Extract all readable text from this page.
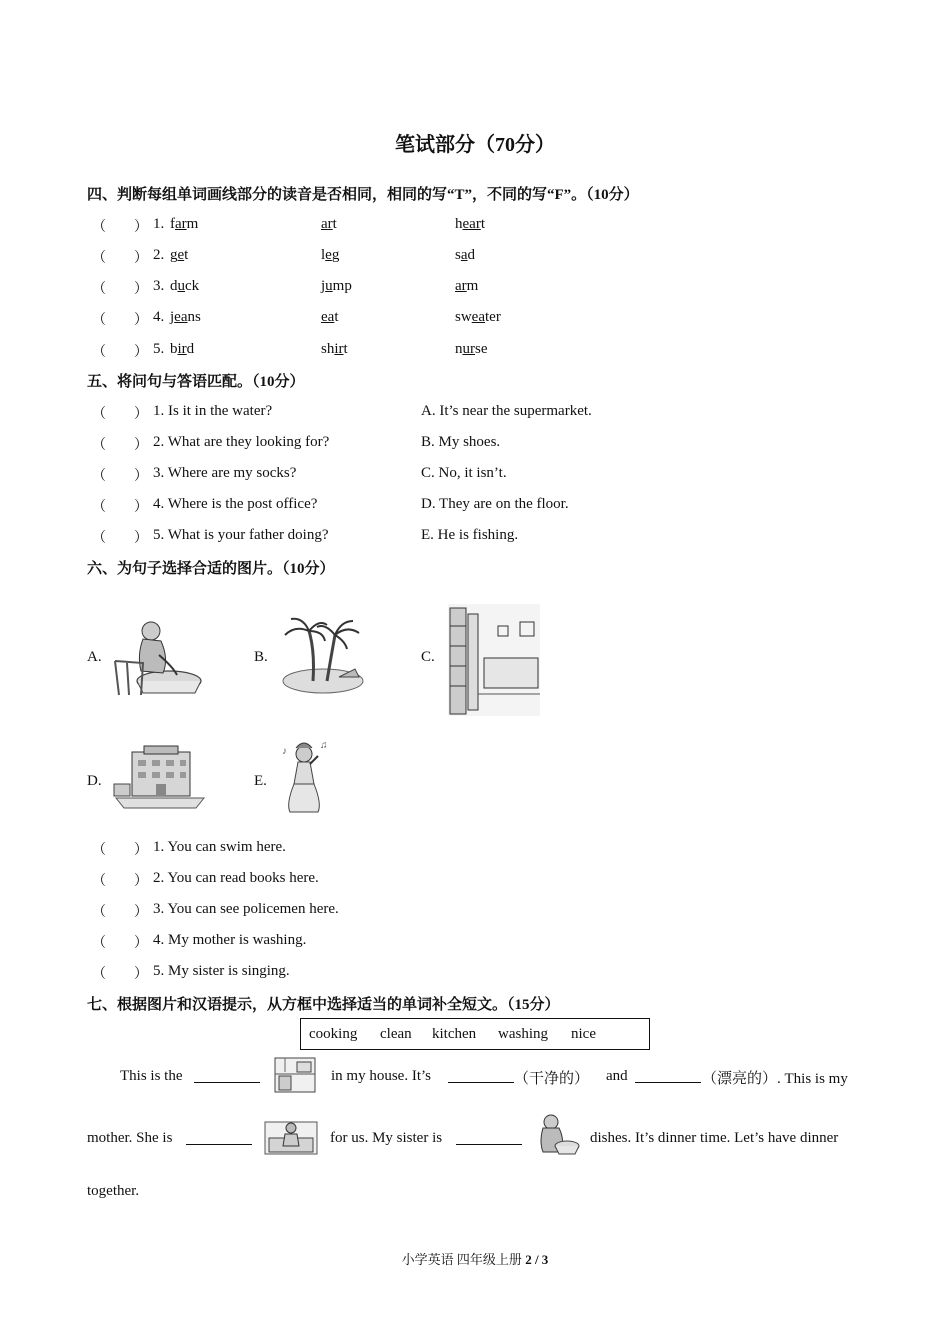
笔试部分（70分）
四、判断每组单词画线部分的读音是否相同，相同的写“T”，不同的写“F”。（10分）
（ ） 1. farm	art	heart
（ ） 2. get	leg	sad
（ ） 3. duck	jump	arm
（ ） 4. jeans	eat	sweater
（ ） 5. bird	shirt	nurse
五、将问句与答语匹配。（10分）
（ ） 1. Is it in the water?	A. It’s near the supermarket.
（ ） 2. What are they looking for?	B. My shoes.
（ ） 3. Where are my socks?	C. No, it isn’t.
（ ） 4. Where is the post office?	D. They are on the floor.
（ ） 5. What is your father doing?	E. He is fishing.
六、为句子选择合适的图片。（10分）
A.	B.	C.
D.	E.
♪
♫
（ ） 1. You can swim here.
（ ） 2. You can read books here.
（ ） 3. You can see policemen here.
（ ） 4. My mother is washing.
（ ） 5. My sister is singing.
七、根据图片和汉语提示，从方框中选择适当的单词补全短文。（15分）
cooking clean kitchen washing nice
This is the	in my house. It’s	（干净的） and	（漂亮的）. This is my
mother. She is	for us. My sister is	dishes. It’s dinner time. Let’s have dinner
together.
小学英语 四年级上册 2 / 3
